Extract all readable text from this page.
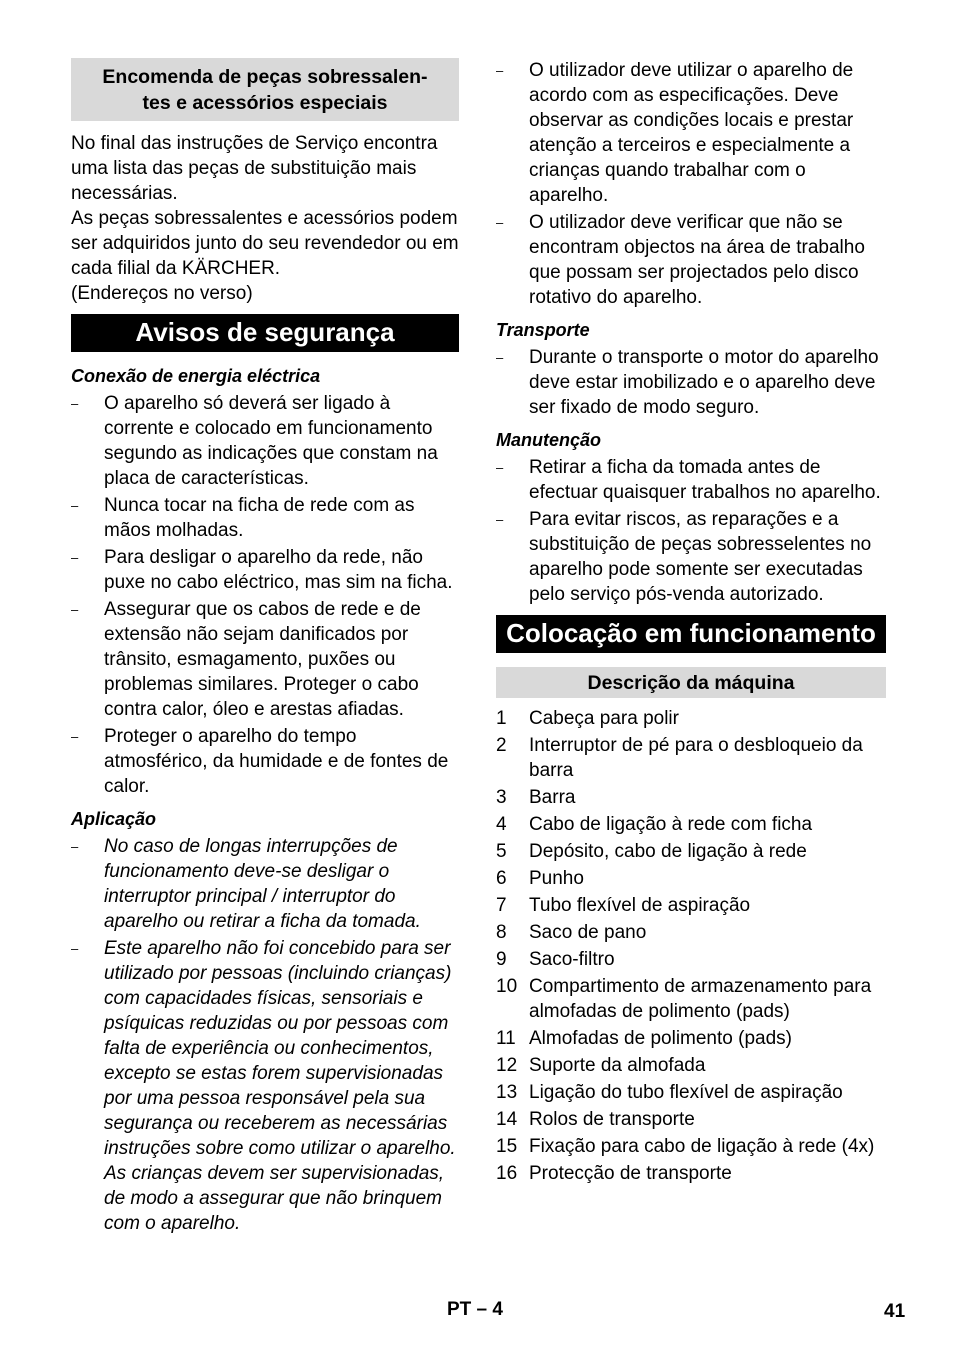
Encomenda de peças sobressalen-
tes e acessórios especiais

No final das instruções de Serviço encontra uma lista das peças de substituição mais necessárias.

As peças sobressalentes e acessórios podem ser adquiridos junto do seu revendedor ou em cada filial da KÄRCHER.

(Endereços no verso)

Avisos de segurança
Conexão de energia eléctrica
– O aparelho só deverá ser ligado à corrente e colocado em funcionamento segundo as indicações que constam na placa de características.
– Nunca tocar na ficha de rede com as mãos molhadas.
– Para desligar o aparelho da rede, não puxe no cabo eléctrico, mas sim na ficha.
– Assegurar que os cabos de rede e de extensão não sejam danificados por trânsito, esmagamento, puxões ou problemas similares. Proteger o cabo contra calor, óleo e arestas afiadas.
– Proteger o aparelho do tempo atmosférico, da humidade e de fontes de calor.
Aplicação
– No caso de longas interrupções de funcionamento deve-se desligar o interruptor principal / interruptor do aparelho ou retirar a ficha da tomada.
– Este aparelho não foi concebido para ser utilizado por pessoas (incluindo crianças) com capacidades físicas, sensoriais e psíquicas reduzidas ou por pessoas com falta de experiência ou conhecimentos, excepto se estas forem supervisionadas por uma pessoa responsável pela sua segurança ou receberem as necessárias instruções sobre como utilizar o aparelho. As crianças devem ser supervisionadas, de modo a assegurar que não brinquem com o aparelho.
– O utilizador deve utilizar o aparelho de acordo com as especificações. Deve observar as condições locais e prestar atenção a terceiros e especialmente a crianças quando trabalhar com o aparelho.
– O utilizador deve verificar que não se encontram objectos na área de trabalho que possam ser projectados pelo disco rotativo do aparelho.
Transporte
– Durante o transporte o motor do aparelho deve estar imobilizado e o aparelho deve ser fixado de modo seguro.
Manutenção
– Retirar a ficha da tomada antes de efectuar quaisquer trabalhos no aparelho.
– Para evitar riscos, as reparações e a substituição de peças sobresselentes no aparelho pode somente ser executadas pelo serviço pós-venda autorizado.
Colocação em funcionamento
Descrição da máquina
1 Cabeça para polir
2 Interruptor de pé para o desbloqueio da barra
3 Barra
4 Cabo de ligação à rede com ficha
5 Depósito, cabo de ligação à rede
6 Punho
7 Tubo flexível de aspiração
8 Saco de pano
9 Saco-filtro
10 Compartimento de armazenamento para almofadas de polimento (pads)
11 Almofadas de polimento (pads)
12 Suporte da almofada
13 Ligação do tubo flexível de aspiração
14 Rolos de transporte
15 Fixação para cabo de ligação à rede (4x)
16 Protecção de transporte
PT – 4	41
